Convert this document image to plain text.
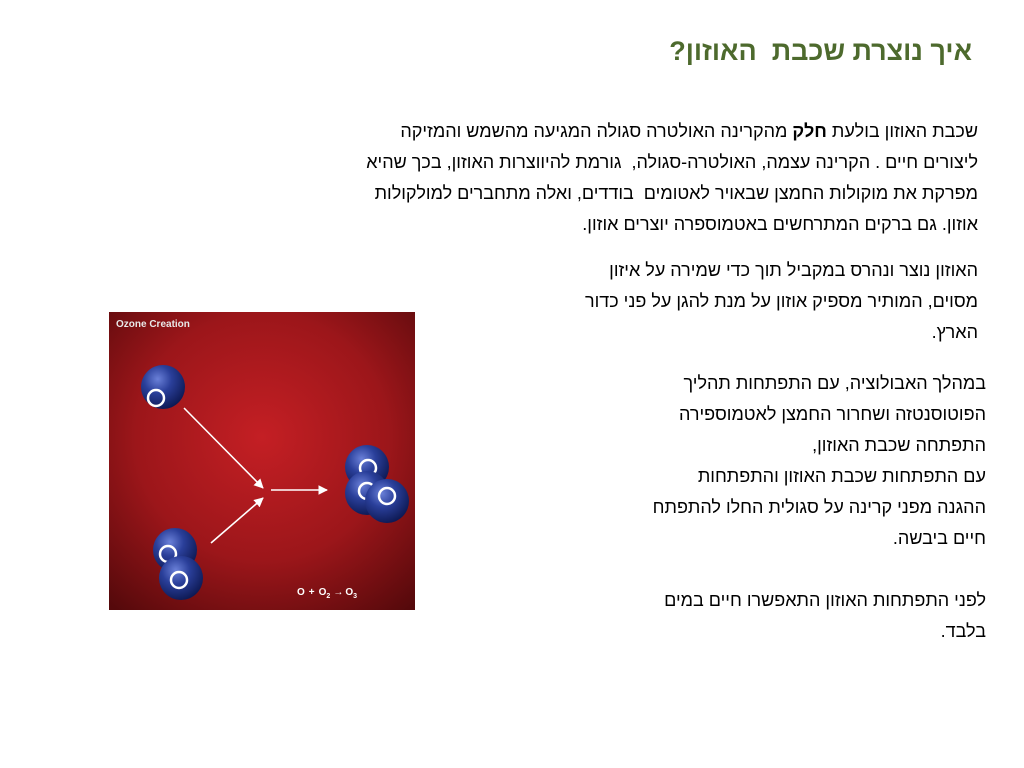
איך נוצרת שכבת  האוזון?
שכבת האוזון בולעת חלק מהקרינה האולטרה סגולה המגיעה מהשמש והמזיקה
ליצורים חיים . הקרינה עצמה, האולטרה-סגולה,  גורמת להיווצרות האוזון, בכך שהיא
מפרקת את מוקולות החמצן שבאויר לאטומים  בודדים, ואלה מתחברים למולקולות
אוזון. גם ברקים המתרחשים באטמוספרה יוצרים אוזון.
האוזון נוצר ונהרס במקביל תוך כדי שמירה על איזון
מסוים, המותיר מספיק אוזון על מנת להגן על פני כדור
הארץ.
במהלך האבולוציה, עם התפתחות תהליך
הפוטוסנטזה ושחרור החמצן לאטמוספירה
התפתחה שכבת האוזון,
עם התפתחות שכבת האוזון והתפתחות
ההגנה מפני קרינה על סגולית החלו להתפתח
חיים ביבשה.
לפני התפתחות האוזון התאפשרו חיים במים
בלבד.
Ozone Creation
$O + O_2 \to O_3$
